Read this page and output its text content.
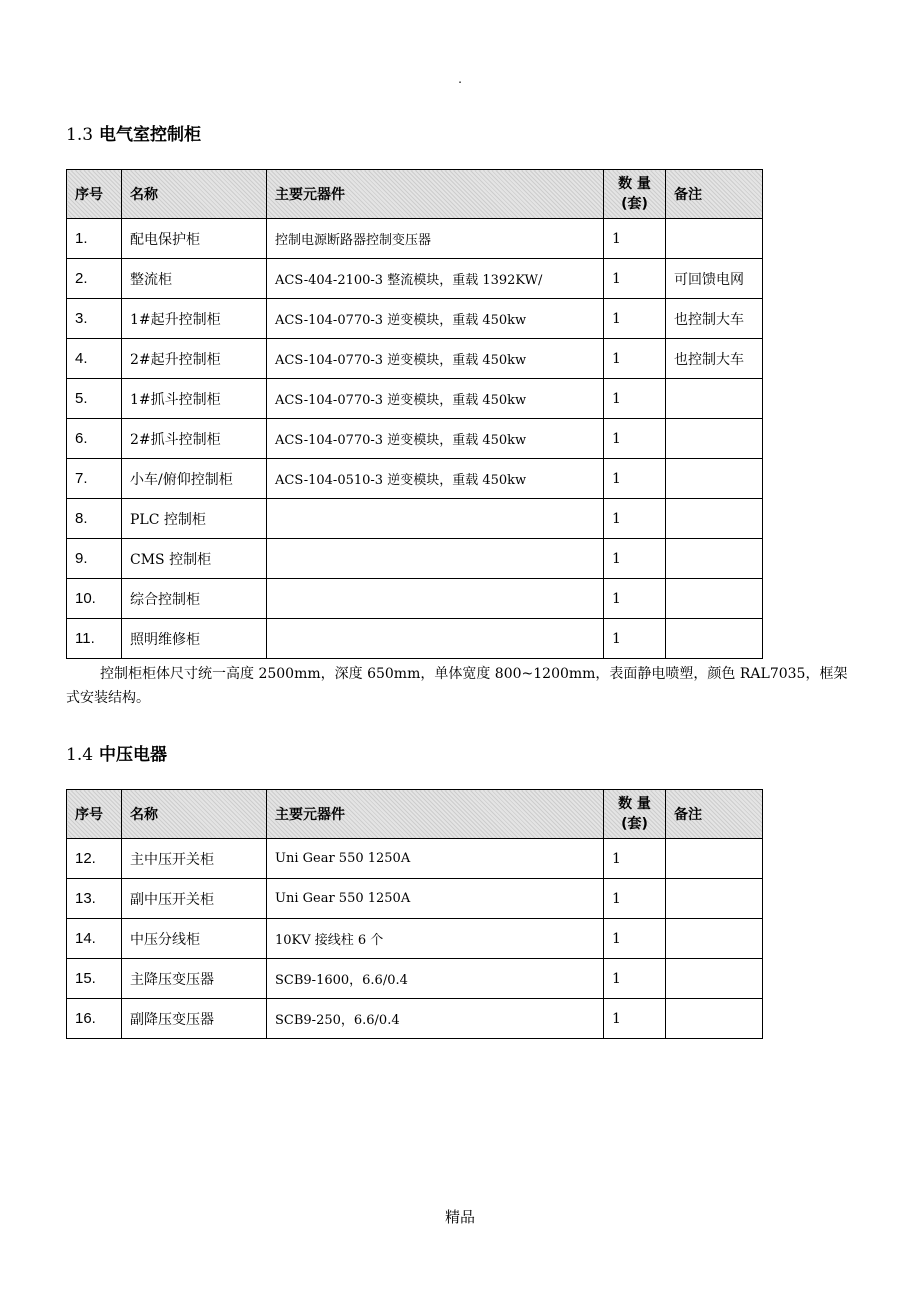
.
1.3 电气室控制柜
序号	名称	主要元器件	数 量 (套)	备注
1.	配电保护柜	控制电源断路器控制变压器	1	
2.	整流柜	ACS-404-2100-3 整流模块，重载 1392KW/	1	可回馈电网
3.	1#起升控制柜	ACS-104-0770-3 逆变模块，重载 450kw	1	也控制大车
4.	2#起升控制柜	ACS-104-0770-3 逆变模块，重载 450kw	1	也控制大车
5.	1#抓斗控制柜	ACS-104-0770-3 逆变模块，重载 450kw	1	
6.	2#抓斗控制柜	ACS-104-0770-3 逆变模块，重载 450kw	1	
7.	小车/俯仰控制柜	ACS-104-0510-3 逆变模块，重载 450kw	1	
8.	PLC 控制柜		1	
9.	CMS 控制柜		1	
10.	综合控制柜		1	
11.	照明维修柜		1	
控制柜柜体尺寸统一高度 2500mm，深度 650mm，单体宽度 800~1200mm，表面静电喷塑，颜色 RAL7035，框架式安装结构。
1.4 中压电器
序号	名称	主要元器件	数 量 (套)	备注
12.	主中压开关柜	Uni Gear 550 1250A	1	
13.	副中压开关柜	Uni Gear 550 1250A	1	
14.	中压分线柜	10KV 接线柱 6 个	1	
15.	主降压变压器	SCB9-1600，6.6/0.4	1	
16.	副降压变压器	SCB9-250，6.6/0.4	1	
精品
